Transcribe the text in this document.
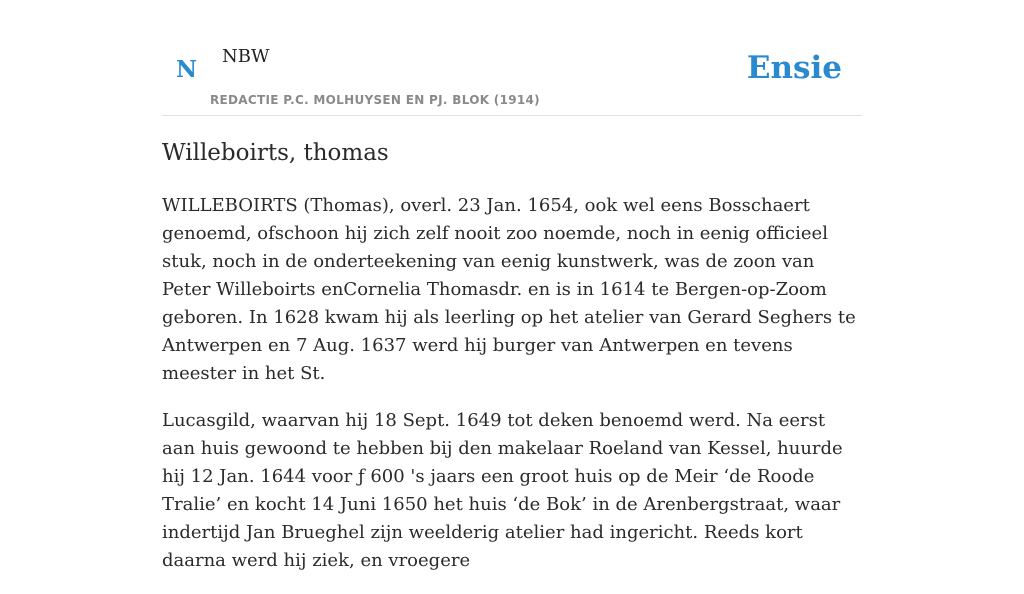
N NBW
REDACTIE P.C. MOLHUYSEN EN PJ. BLOK (1914)
Ensie
Willeboirts, thomas

WILLEBOIRTS (Thomas), overl. 23 Jan. 1654, ook wel eens Bosschaert genoemd, ofschoon hij zich zelf nooit zoo noemde, noch in eenig officieel stuk, noch in de onderteekening van eenig kunstwerk, was de zoon van Peter Willeboirts enCornelia Thomasdr. en is in 1614 te Bergen-op-Zoom geboren. In 1628 kwam hij als leerling op het atelier van Gerard Seghers te Antwerpen en 7 Aug. 1637 werd hij burger van Antwerpen en tevens meester in het St.

Lucasgild, waarvan hij 18 Sept. 1649 tot deken benoemd werd. Na eerst aan huis gewoond te hebben bij den makelaar Roeland van Kessel, huurde hij 12 Jan. 1644 voor ƒ 600 's jaars een groot huis op de Meir ‘de Roode Tralie’ en kocht 14 Juni 1650 het huis ‘de Bok’ in de Arenbergstraat, waar indertijd Jan Brueghel zijn weelderig atelier had ingericht. Reeds kort daarna werd hij ziek, en vroegere
